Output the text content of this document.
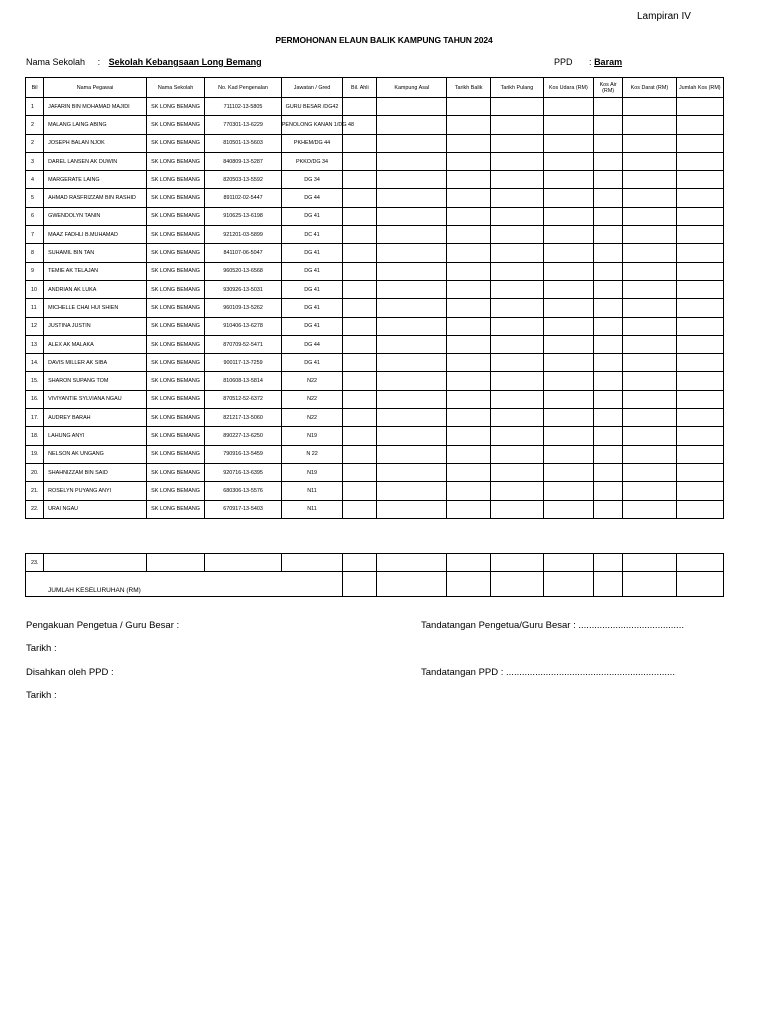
Lampiran IV
PERMOHONAN ELAUN BALIK KAMPUNG TAHUN 2024
Nama Sekolah : Sekolah Kebangsaan Long Bemang	PPD : Baram
Bil	Nama Pegawai	Nama Sekolah	No. Kad Pengenalan	Jawatan / Gred	Bil. Ahli	Kampung Asal	Tarikh Balik	Tarikh Pulang	Kos Udara (RM)	Kos Air (RM)	Kos Darat (RM)	Jumlah Kos (RM)
1	JAFARIN BIN MOHAMAD MAJIDI	SK LONG BEMANG	711102-13-5805	GURU BESAR /DG42								
2	MALANG LAING ABING	SK LONG BEMANG	770301-13-6229	PENOLONG KANAN 1/DG 48								
2	JOSEPH BALAN NJOK	SK LONG BEMANG	810501-13-5603	PKHEM/DG 44								
3	DAREL LANSEN AK DUWIN	SK LONG BEMANG	840809-13-5287	PKKO/DG 34								
4	MARGERATE LAING	SK LONG BEMANG	820503-13-5592	DG 34								
5	AHMAD RASFRIZZAM BIN RASHID	SK LONG BEMANG	891102-02-5447	DG 44								
6	GWENDOLYN TANIN	SK LONG BEMANG	910625-13-6198	DG 41								
7	MAAZ FADHLI B.MUHAMAD	SK LONG BEMANG	921201-03-5899	DC 41								
8	SUHAMIL BIN TAN	SK LONG BEMANG	841107-06-5047	DG 41								
9	TEMIE AK TELAJAN	SK LONG BEMANG	960520-13-6568	DG 41								
10	ANDRIAN AK LUKA	SK LONG BEMANG	930926-13-5031	DG 41								
11	MICHELLE CHAI HUI SHIEN	SK LONG BEMANG	960109-13-5262	DG 41								
12	JUSTINA JUSTIN	SK LONG BEMANG	910406-13-6278	DG 41								
13	ALEX AK MALAKA	SK LONG BEMANG	870709-52-5471	DG 44								
14.	DAVIS MILLER AK SIBA	SK LONG BEMANG	900117-13-7259	DG 41								
15.	SHARON SUPANG TOM	SK LONG BEMANG	810608-13-5814	N22								
16.	VIVIYANTIE SYLVIANA NGAU	SK LONG BEMANG	870512-52-6372	N22								
17.	AUDREY BARAH	SK LONG BEMANG	821217-13-5060	N22								
18.	LAHUNG ANYI	SK LONG BEMANG	890227-13-6250	N19								
19.	NELSON AK UNGANG	SK LONG BEMANG	790916-13-5459	N 22								
20.	SHAHNIZZAM BIN SAID	SK LONG BEMANG	920716-13-6395	N19								
21.	ROSELYN PUYANG ANYI	SK LONG BEMANG	680306-13-5576	N11								
22.	URAI NGAU	SK LONG BEMANG	670917-13-5403	N11								
23.												
JUMLAH KESELURUHAN (RM)												
Pengakuan Pengetua / Guru Besar :	Tandatangan Pengetua/Guru Besar : ........................................
Tarikh :
Disahkan oleh PPD :	Tandatangan PPD : ................................................................
Tarikh :
